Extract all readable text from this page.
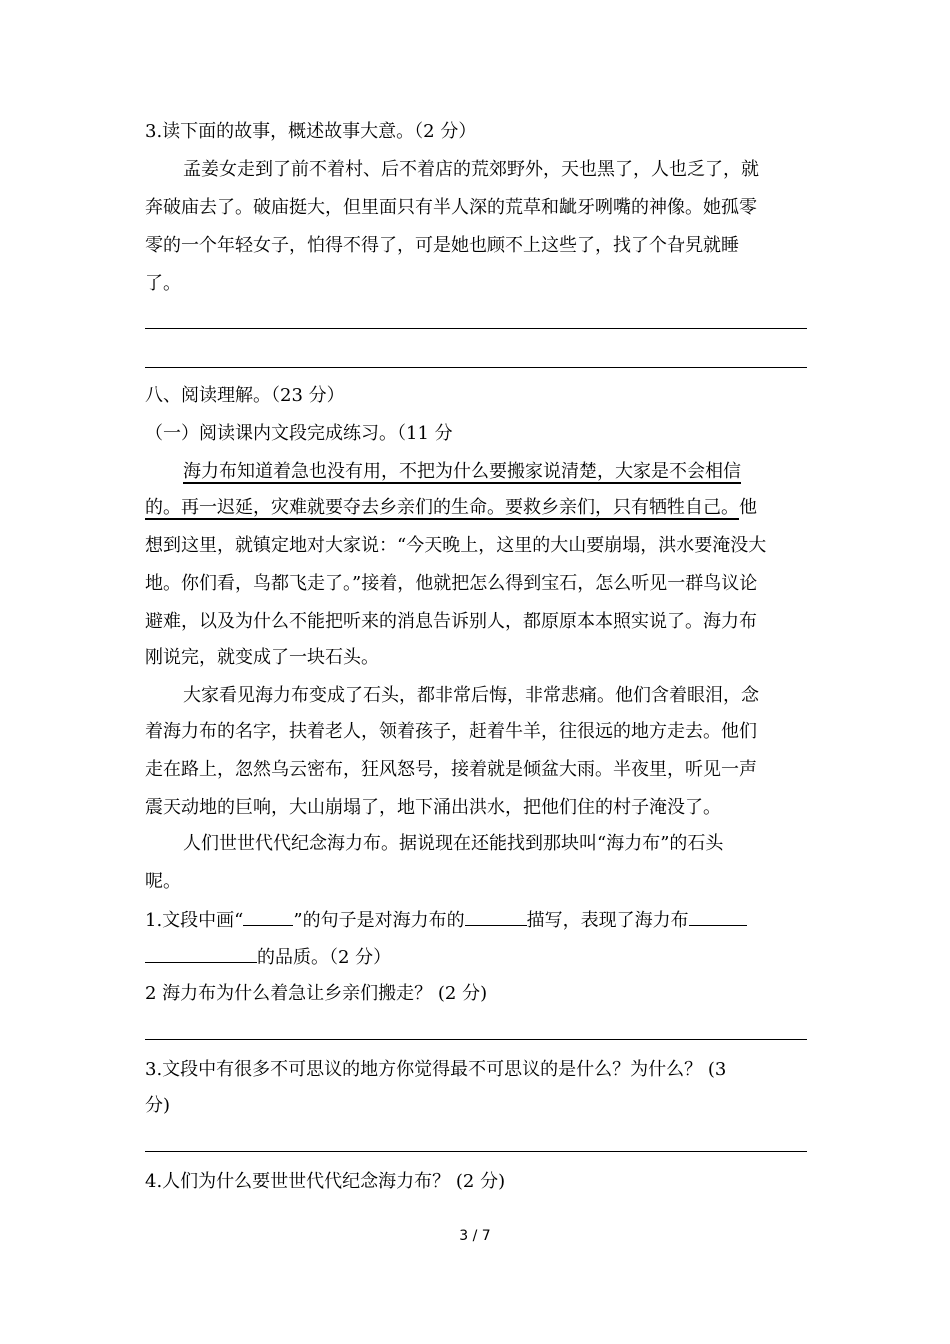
3.读下面的故事，概述故事大意。（2 分）
孟姜女走到了前不着村、后不着店的荒郊野外，天也黑了，人也乏了，就
奔破庙去了。破庙挺大，但里面只有半人深的荒草和龇牙咧嘴的神像。她孤零
零的一个年轻女子，怕得不得了，可是她也顾不上这些了，找了个旮旯就睡
了。
八、阅读理解。（23 分）
（一）阅读课内文段完成练习。（11 分
海力布知道着急也没有用，不把为什么要搬家说清楚，大家是不会相信
的。再一迟延，灾难就要夺去乡亲们的生命。要救乡亲们，只有牺牲自己。他
想到这里，就镇定地对大家说：“今天晚上，这里的大山要崩塌，洪水要淹没大
地。你们看，鸟都飞走了。”接着，他就把怎么得到宝石，怎么听见一群鸟议论
避难，以及为什么不能把听来的消息告诉别人，都原原本本照实说了。海力布
刚说完，就变成了一块石头。
大家看见海力布变成了石头，都非常后悔，非常悲痛。他们含着眼泪，念
着海力布的名字，扶着老人，领着孩子，赶着牛羊，往很远的地方走去。他们
走在路上，忽然乌云密布，狂风怒号，接着就是倾盆大雨。半夜里，听见一声
震天动地的巨响，大山崩塌了，地下涌出洪水，把他们住的村子淹没了。
人们世世代代纪念海力布。据说现在还能找到那块叫“海力布”的石头
呢。
1.文段中画“	”的句子是对海力布的	描写，表现了海力布
的品质。（2 分）
2 海力布为什么着急让乡亲们搬走？ (2 分)
3.文段中有很多不可思议的地方你觉得最不可思议的是什么？为什么？ (3
分)
4.人们为什么要世世代代纪念海力布？ (2 分)
3 / 7
